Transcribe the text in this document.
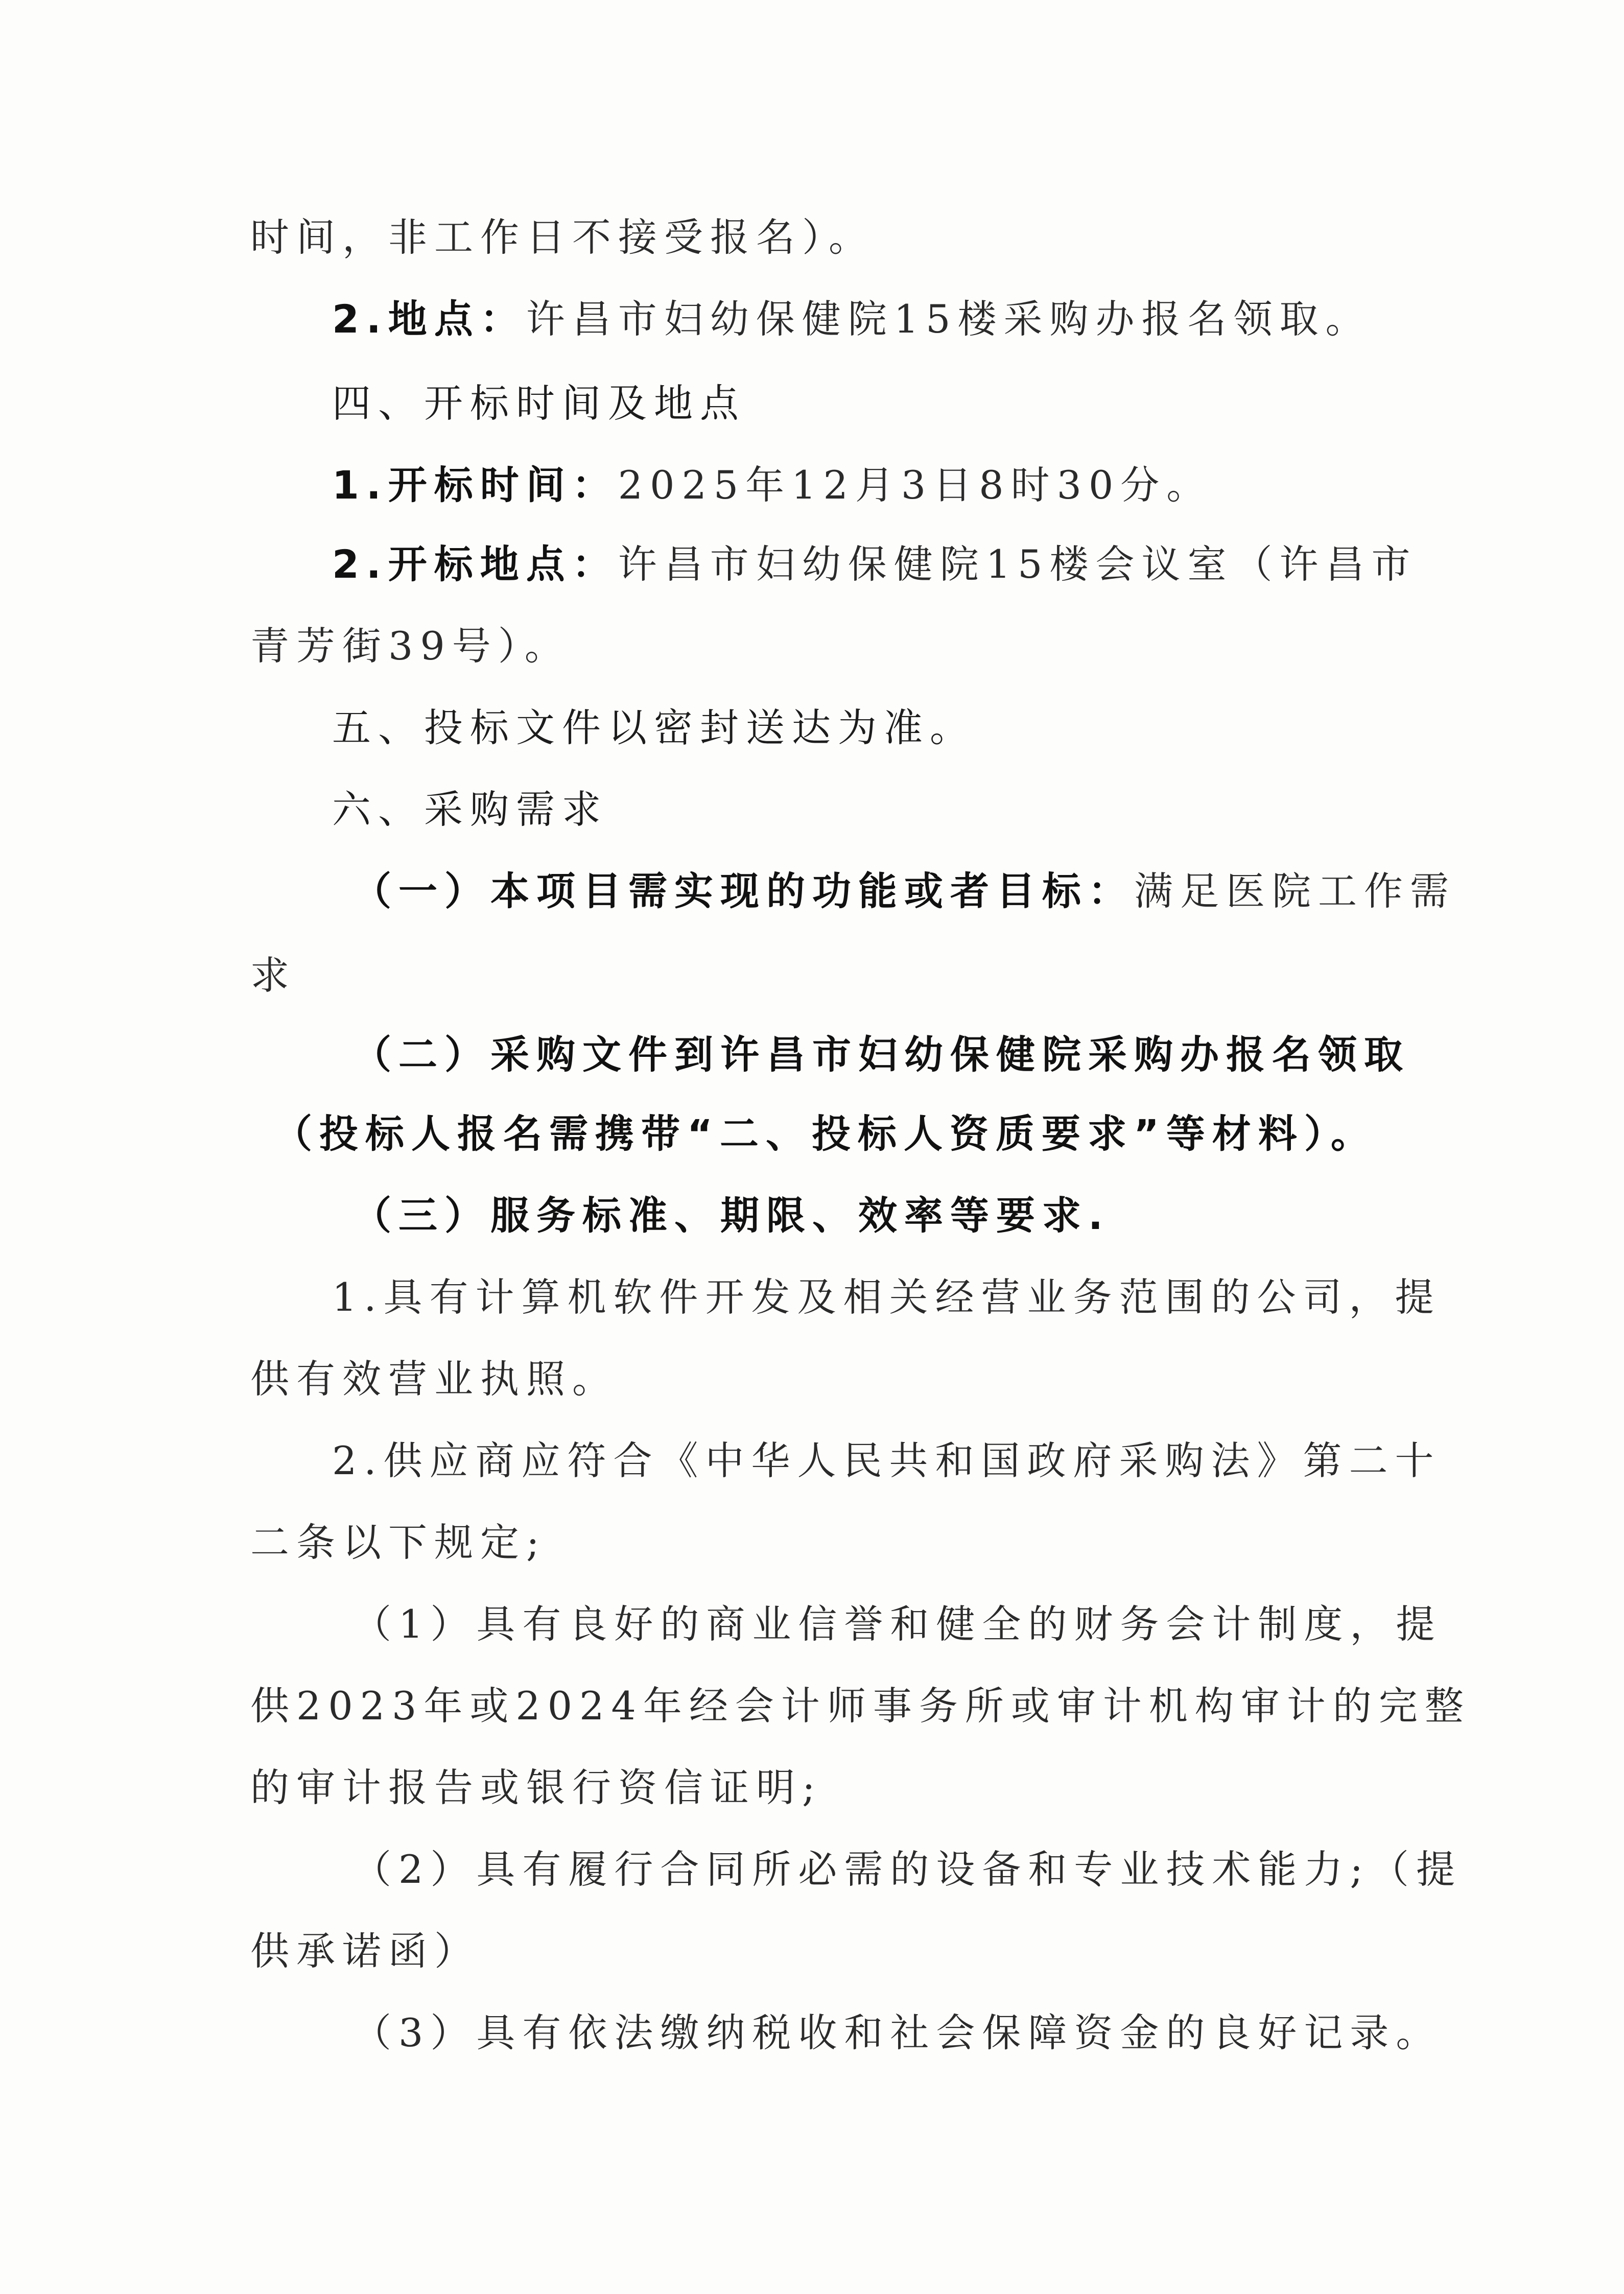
时间，非工作日不接受报名）。
2.地点：许昌市妇幼保健院15楼采购办报名领取。
四、开标时间及地点
1.开标时间：2025年12月3日8时30分。
2.开标地点：许昌市妇幼保健院15楼会议室（许昌市
青芳街39号）。
五、投标文件以密封送达为准。
六、采购需求
（一）本项目需实现的功能或者目标：满足医院工作需
求
（二）采购文件到许昌市妇幼保健院采购办报名领取
（投标人报名需携带“二、投标人资质要求”等材料）。
（三）服务标准、期限、效率等要求.
1.具有计算机软件开发及相关经营业务范围的公司，提
供有效营业执照。
2.供应商应符合《中华人民共和国政府采购法》第二十
二条以下规定;
（1）具有良好的商业信誉和健全的财务会计制度，提
供2023年或2024年经会计师事务所或审计机构审计的完整
的审计报告或银行资信证明;
（2）具有履行合同所必需的设备和专业技术能力;（提
供承诺函）
（3）具有依法缴纳税收和社会保障资金的良好记录。
